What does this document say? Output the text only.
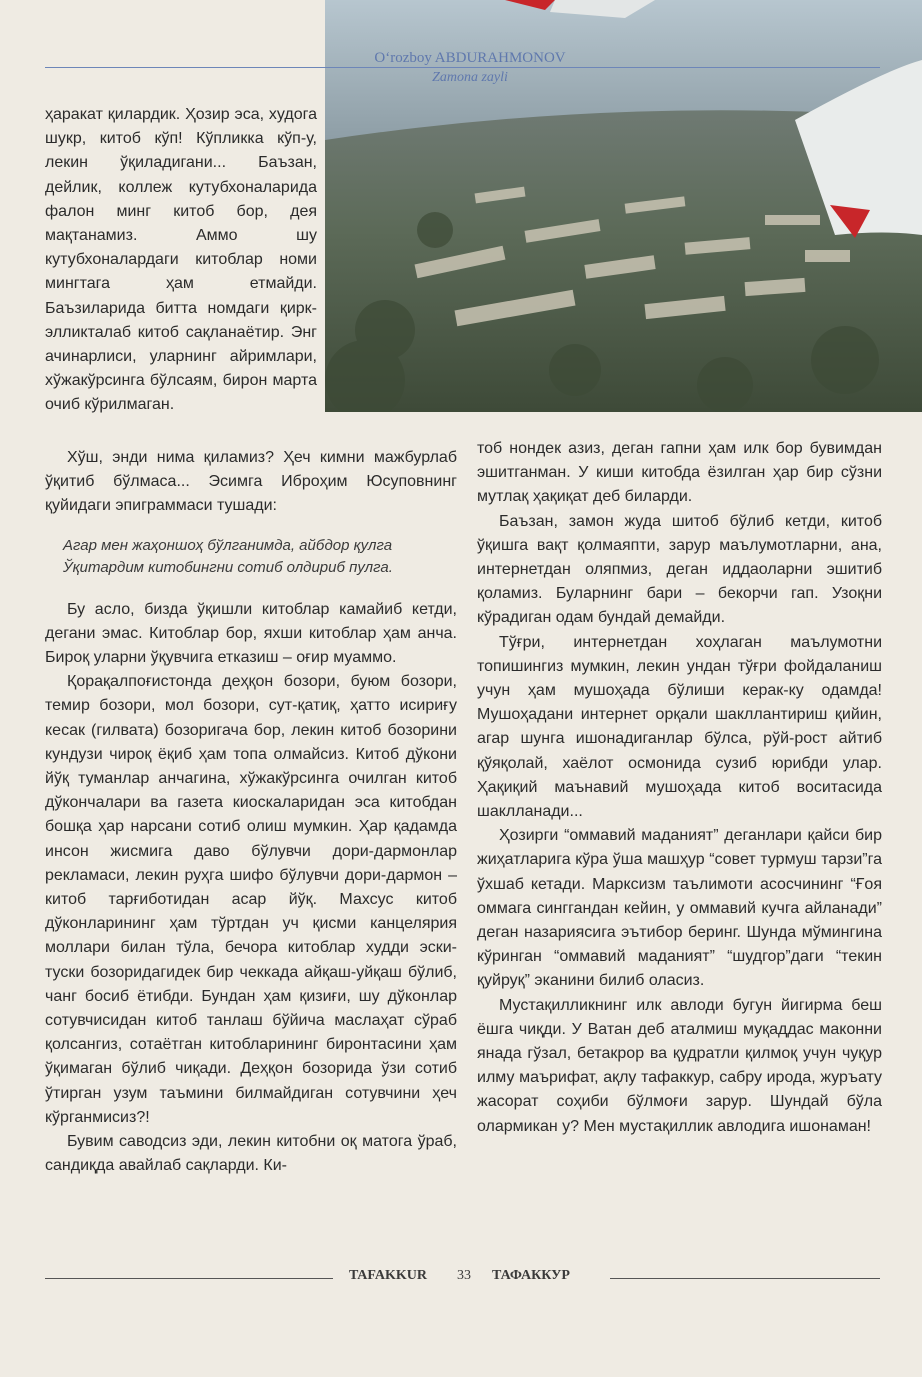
O‘rozboy ABDURAHMONOV
Zamona zayli

ҳаракат қилардик. Ҳозир эса, худога шукр, китоб кўп! Кўпликка кўп-у, лекин ўқиладигани... Баъзан, дейлик, коллеж кутубхоналарида фалон минг китоб бор, дея мақтанамиз. Аммо шу кутубхоналардаги китоблар номи мингтага ҳам етмайди. Баъзиларида битта номдаги қирк-элликталаб китоб сақланаётир. Энг ачинарлиси, уларнинг айримлари, хўжакўрсинга бўлсаям, бирон марта очиб кўрилмаган.

Хўш, энди нима қиламиз? Ҳеч кимни мажбурлаб ўқитиб бўлмаса... Эсимга Иброҳим Юсуповнинг қуйидаги эпиграммаси тушади:

Агар мен жаҳоншоҳ бўлганимда, айбдор қулга
Ўқитардим китобингни сотиб олдириб пулга.

Бу асло, бизда ўқишли китоблар камайиб кетди, дегани эмас. Китоблар бор, яхши китоблар ҳам анча. Бироқ уларни ўқувчига етказиш – оғир муаммо.

Қорақалпоғистонда деҳқон бозори, буюм бозори, темир бозори, мол бозори, сут-қатиқ, ҳатто исириғу кесак (гилвата) бозоригача бор, лекин китоб бозорини кундузи чироқ ёқиб ҳам топа олмайсиз. Китоб дўкони йўқ туманлар анчагина, хўжакўрсинга очилган китоб дўкончалари ва газета киоскаларидан эса китобдан бошқа ҳар нарсани сотиб олиш мумкин. Ҳар қадамда инсон жисмига даво бўлувчи дори-дармонлар рекламаси, лекин руҳга шифо бўлувчи дори-дармон – китоб тарғиботидан асар йўқ. Махсус китоб дўконларининг ҳам тўртдан уч қисми канцелярия моллари билан тўла, бечора китоблар худди эски-туски бозоридагидек бир чеккада айқаш-уйқаш бўлиб, чанг босиб ётибди. Бундан ҳам қизиғи, шу дўконлар сотувчисидан китоб танлаш бўйича маслаҳат сўраб қолсангиз, сотаётган китобларининг биронтасини ҳам ўқимаган бўлиб чиқади. Деҳқон бозорида ўзи сотиб ўтирган узум таъмини билмайдиган сотувчини ҳеч кўрганмисиз?!

Бувим саводсиз эди, лекин китобни оқ матога ўраб, сандиқда авайлаб сақларди. Ки-

тоб нондек азиз, деган гапни ҳам илк бор бувимдан эшитганман. У киши китобда ёзилган ҳар бир сўзни мутлақ ҳақиқат деб биларди.

Баъзан, замон жуда шитоб бўлиб кетди, китоб ўқишга вақт қолмаяпти, зарур маълумотларни, ана, интернетдан оляпмиз, деган иддаоларни эшитиб қоламиз. Буларнинг бари – бекорчи гап. Узоқни кўрадиган одам бундай демайди.

Тўғри, интернетдан хоҳлаган маълумотни топишингиз мумкин, лекин ундан тўғри фойдаланиш учун ҳам мушоҳада бўлиши керак-ку одамда! Мушоҳадани интернет орқали шакллантириш қийин, агар шунга ишонадиганлар бўлса, рўй-рост айтиб қўяқолай, хаёлот осмонида сузиб юрибди улар. Ҳақиқий маънавий мушоҳада китоб воситасида шаклланади...

Ҳозирги “оммавий маданият” деганлари қайси бир жиҳатларига кўра ўша машҳур “совет турмуш тарзи”га ўхшаб кетади. Марксизм таълимоти асосчининг “Ғоя оммага синггандан кейин, у оммавий кучга айланади” деган назариясига эътибор беринг. Шунда мўмингина кўринган “оммавий маданият” “шудгор”даги “текин қуйруқ” эканини билиб оласиз.

Мустақилликнинг илк авлоди бугун йигирма беш ёшга чиқди. У Ватан деб аталмиш муқаддас маконни янада гўзал, бетакрор ва қудратли қилмоқ учун чуқур илму маърифат, ақлу тафаккур, сабру ирода, журъату жасорат соҳиби бўлмоғи зарур. Шундай бўла олармикан у? Мен мустақиллик авлодига ишонаман!

TAFAKKUR 33 ТАФАККУР
